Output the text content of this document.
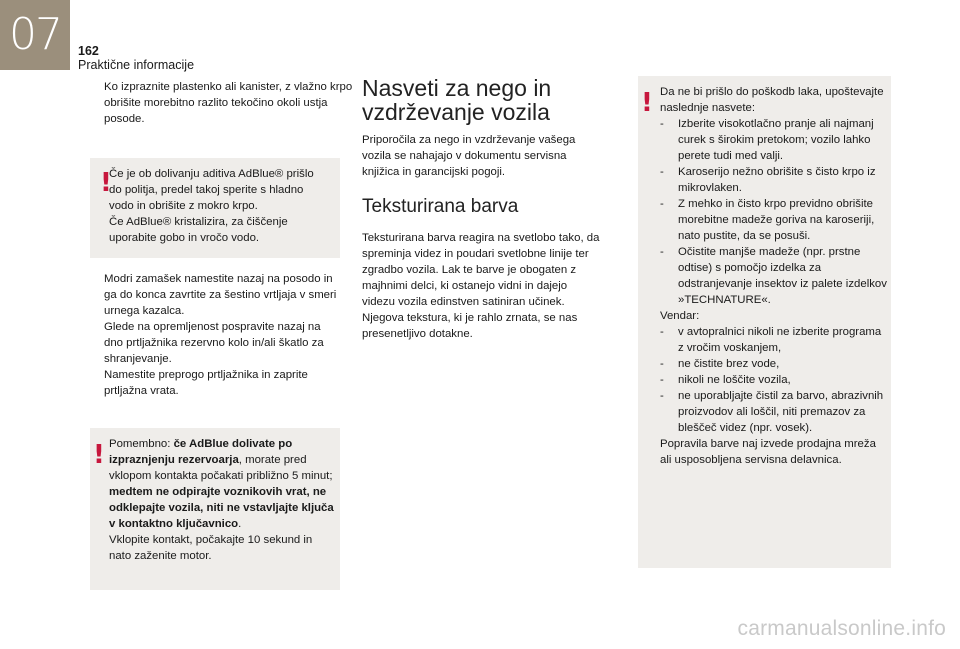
07	162
Praktične informacije
Ko izpraznite plastenko ali kanister, z vlažno krpo obrišite morebitno razlito tekočino okoli ustja posode.
!
Če je ob dolivanju aditiva AdBlue® prišlo
do politja, predel takoj sperite s hladno
vodo in obrišite z mokro krpo.
Če AdBlue® kristalizira, za čiščenje
uporabite gobo in vročo vodo.
Modri zamašek namestite nazaj na posodo in ga do konca zavrtite za šestino vrtljaja v smeri urnega kazalca.
Glede na opremljenost pospravite nazaj na dno prtljažnika rezervno kolo in/ali škatlo za shranjevanje.
Namestite preprogo prtljažnika in zaprite prtljažna vrata.
! Pomembno: če AdBlue dolivate po izpraznjenju rezervoarja, morate pred vklopom kontakta počakati približno 5 minut; medtem ne odpirajte voznikovih vrat, ne odklepajte vozila, niti ne vstavljajte ključa v kontaktno ključavnico.
Vklopite kontakt, počakajte 10 sekund in nato zaženite motor.
Nasveti za nego in vzdrževanje vozila
Priporočila za nego in vzdrževanje vašega vozila se nahajajo v dokumentu servisna knjižica in garancijski pogoji.
Teksturirana barva
Teksturirana barva reagira na svetlobo tako, da spreminja videz in poudari svetlobne linije ter zgradbo vozila. Lak te barve je obogaten z majhnimi delci, ki ostanejo vidni in dajejo videzu vozila edinstven satiniran učinek. Njegova tekstura, ki je rahlo zrnata, se nas presenetljivo dotakne.
! Da ne bi prišlo do poškodb laka, upoštevajte naslednje nasvete:
- Izberite visokotlačno pranje ali najmanj curek s širokim pretokom; vozilo lahko perete tudi med valji.
- Karoserijo nežno obrišite s čisto krpo iz mikrovlaken.
- Z mehko in čisto krpo previdno obrišite morebitne madeže goriva na karoseriji, nato pustite, da se posuši.
- Očistite manjše madeže (npr. prstne odtise) s pomočjo izdelka za odstranjevanje insektov iz palete izdelkov »TECHNATURE«.
Vendar:
- v avtopralnici nikoli ne izberite programa z vročim voskanjem,
- ne čistite brez vode,
- nikoli ne loščite vozila,
- ne uporabljajte čistil za barvo, abrazivnih proizvodov ali loščil, niti premazov za bleščeč videz (npr. vosek).
Popravila barve naj izvede prodajna mreža ali usposobljena servisna delavnica.
carmanualsonline.info
